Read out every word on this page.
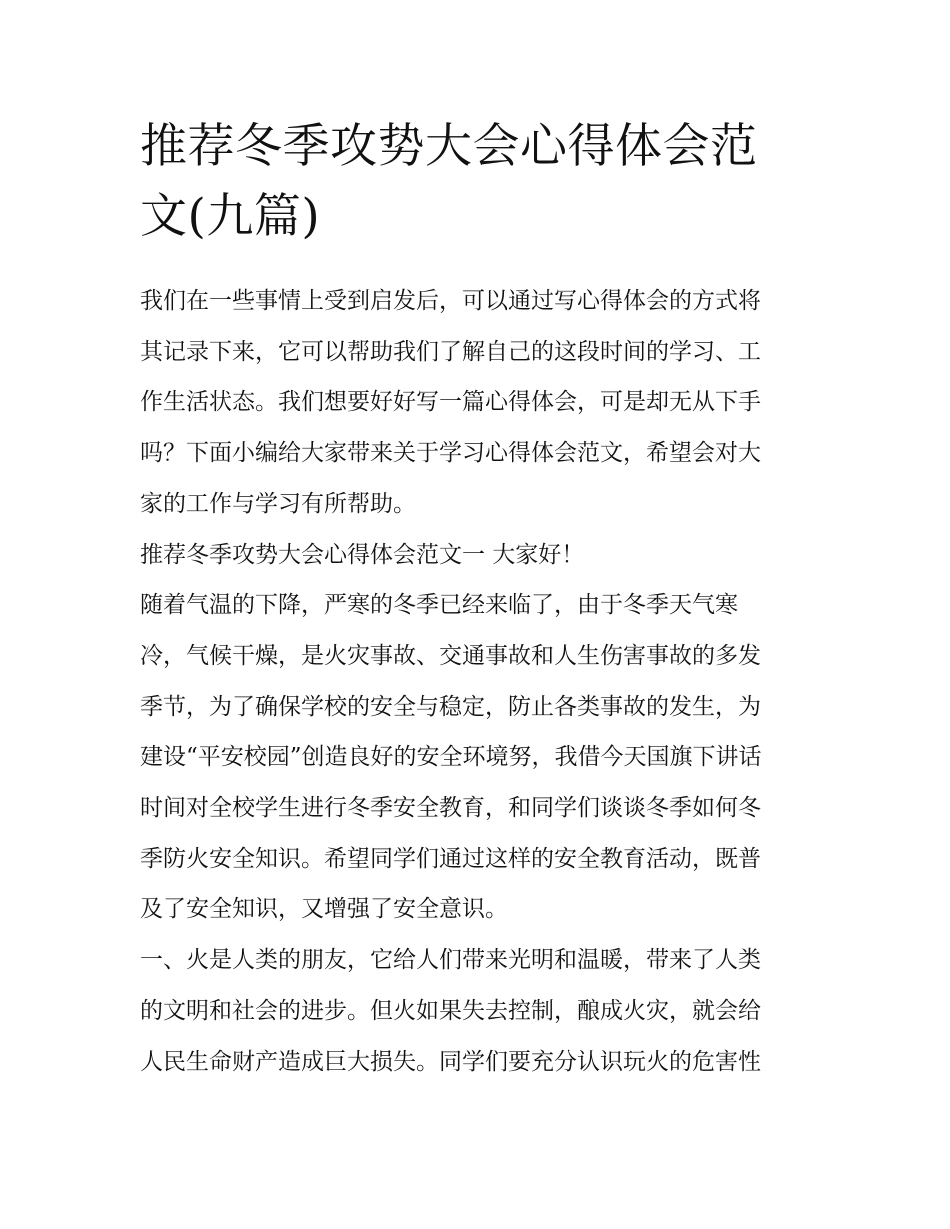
推荐冬季攻势大会心得体会范
文(九篇)

我们在一些事情上受到启发后，可以通过写心得体会的方式将
其记录下来，它可以帮助我们了解自己的这段时间的学习、工
作生活状态。我们想要好好写一篇心得体会，可是却无从下手
吗？下面小编给大家带来关于学习心得体会范文，希望会对大
家的工作与学习有所帮助。

推荐冬季攻势大会心得体会范文一 大家好！

随着气温的下降，严寒的冬季已经来临了，由于冬季天气寒
冷，气候干燥，是火灾事故、交通事故和人生伤害事故的多发
季节，为了确保学校的安全与稳定，防止各类事故的发生，为
建设“平安校园”创造良好的安全环境努，我借今天国旗下讲话
时间对全校学生进行冬季安全教育，和同学们谈谈冬季如何冬
季防火安全知识。希望同学们通过这样的安全教育活动，既普
及了安全知识，又增强了安全意识。

一、火是人类的朋友，它给人们带来光明和温暖，带来了人类
的文明和社会的进步。但火如果失去控制，酿成火灾，就会给
人民生命财产造成巨大损失。同学们要充分认识玩火的危害性
